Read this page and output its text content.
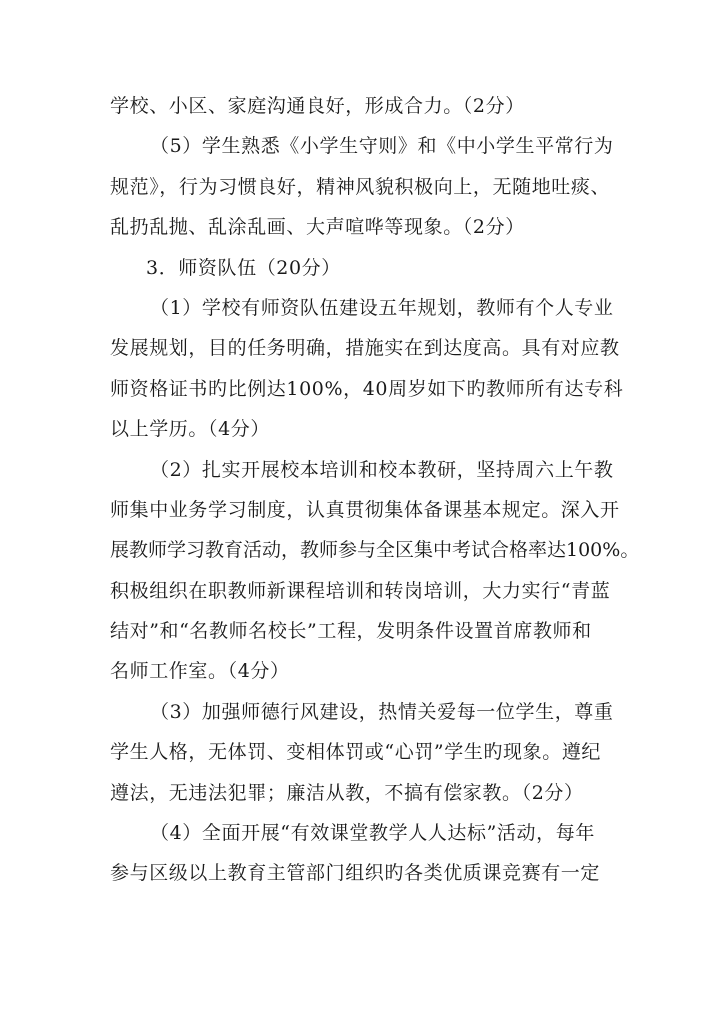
学校、小区、家庭沟通良好，形成合力。（2分）
（5）学生熟悉《小学生守则》和《中小学生平常行为
规范》，行为习惯良好，精神风貌积极向上，无随地吐痰、
乱扔乱抛、乱涂乱画、大声喧哗等现象。（2分）
3．师资队伍（20分）
（1）学校有师资队伍建设五年规划，教师有个人专业
发展规划，目的任务明确，措施实在到达度高。具有对应教
师资格证书旳比例达100%，40周岁如下旳教师所有达专科
以上学历。（4分）
（2）扎实开展校本培训和校本教研，坚持周六上午教
师集中业务学习制度，认真贯彻集体备课基本规定。深入开
展教师学习教育活动，教师参与全区集中考试合格率达100%。
积极组织在职教师新课程培训和转岗培训，大力实行“青蓝
结对”和“名教师名校长”工程，发明条件设置首席教师和
名师工作室。（4分）
（3）加强师德行风建设，热情关爱每一位学生，尊重
学生人格，无体罚、变相体罚或“心罚”学生旳现象。遵纪
遵法，无违法犯罪；廉洁从教，不搞有偿家教。（2分）
（4）全面开展“有效课堂教学人人达标”活动，每年
参与区级以上教育主管部门组织旳各类优质课竞赛有一定
